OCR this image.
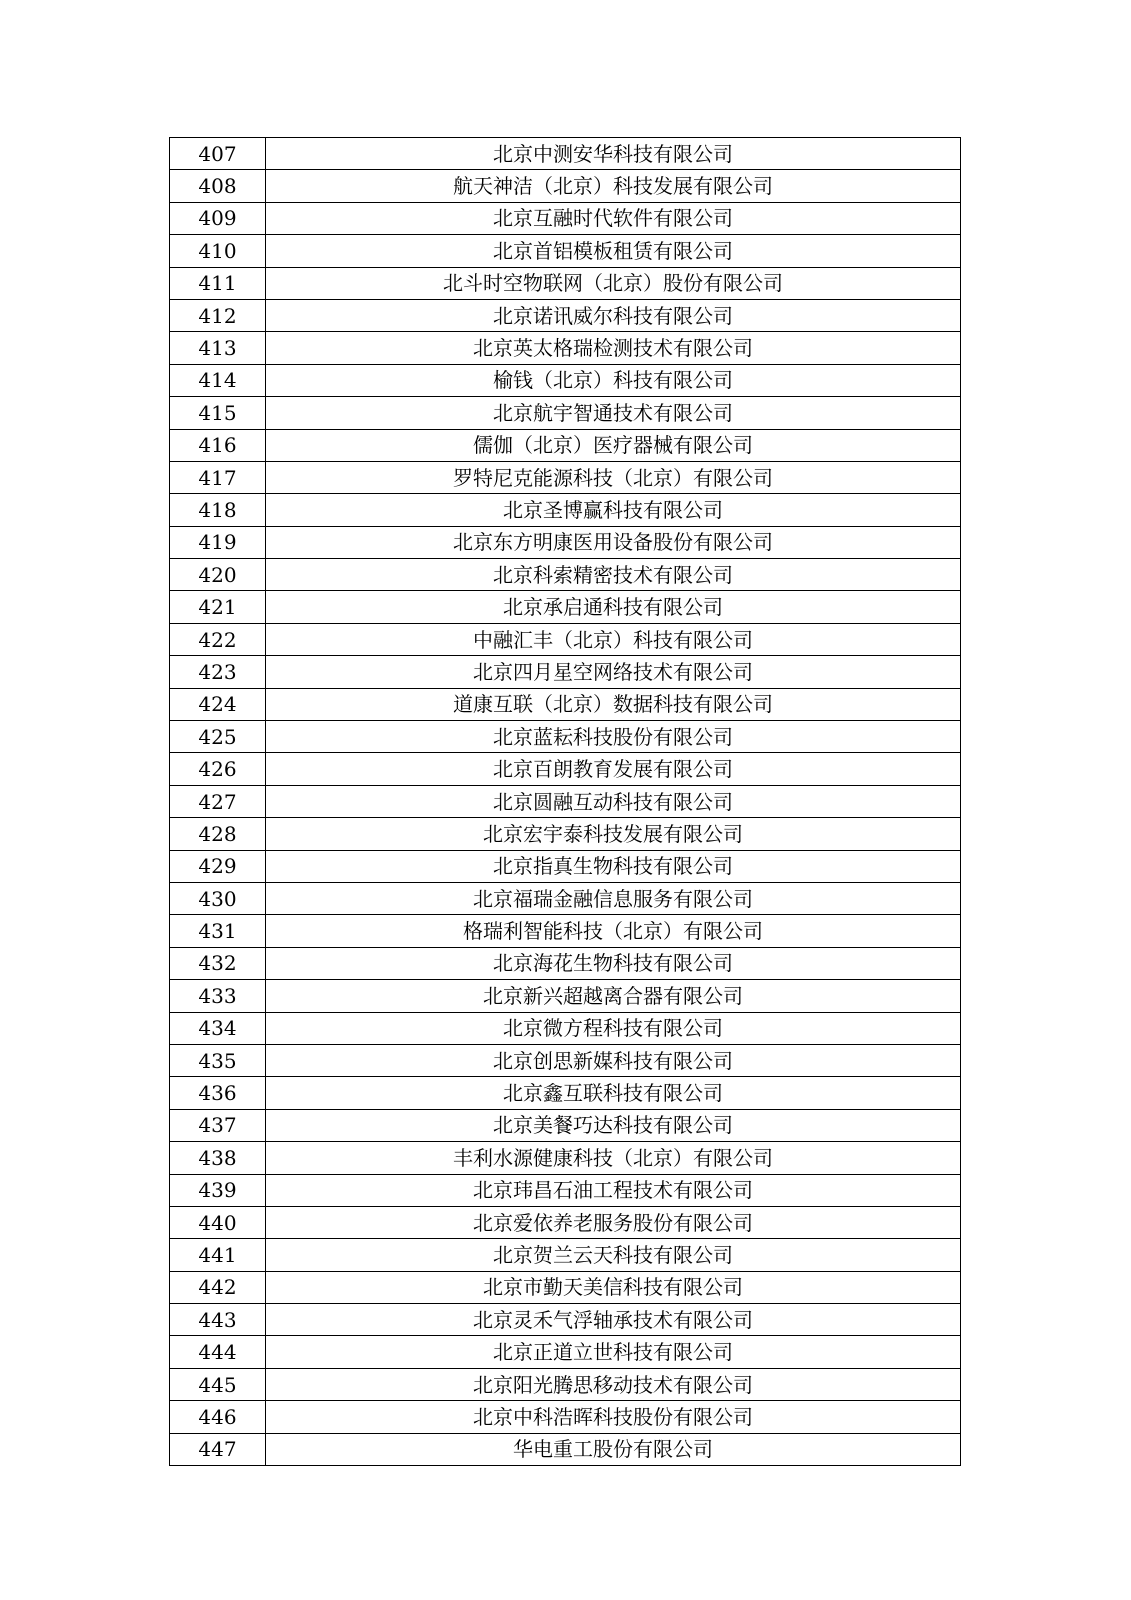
407	北京中测安华科技有限公司
408	航天神洁（北京）科技发展有限公司
409	北京互融时代软件有限公司
410	北京首铝模板租赁有限公司
411	北斗时空物联网（北京）股份有限公司
412	北京诺讯威尔科技有限公司
413	北京英太格瑞检测技术有限公司
414	榆钱（北京）科技有限公司
415	北京航宇智通技术有限公司
416	儒伽（北京）医疗器械有限公司
417	罗特尼克能源科技（北京）有限公司
418	北京圣博赢科技有限公司
419	北京东方明康医用设备股份有限公司
420	北京科索精密技术有限公司
421	北京承启通科技有限公司
422	中融汇丰（北京）科技有限公司
423	北京四月星空网络技术有限公司
424	道康互联（北京）数据科技有限公司
425	北京蓝耘科技股份有限公司
426	北京百朗教育发展有限公司
427	北京圆融互动科技有限公司
428	北京宏宇泰科技发展有限公司
429	北京指真生物科技有限公司
430	北京福瑞金融信息服务有限公司
431	格瑞利智能科技（北京）有限公司
432	北京海花生物科技有限公司
433	北京新兴超越离合器有限公司
434	北京微方程科技有限公司
435	北京创思新媒科技有限公司
436	北京鑫互联科技有限公司
437	北京美餐巧达科技有限公司
438	丰利水源健康科技（北京）有限公司
439	北京玮昌石油工程技术有限公司
440	北京爱依养老服务股份有限公司
441	北京贺兰云天科技有限公司
442	北京市勤天美信科技有限公司
443	北京灵禾气浮轴承技术有限公司
444	北京正道立世科技有限公司
445	北京阳光腾思移动技术有限公司
446	北京中科浩晖科技股份有限公司
447	华电重工股份有限公司
